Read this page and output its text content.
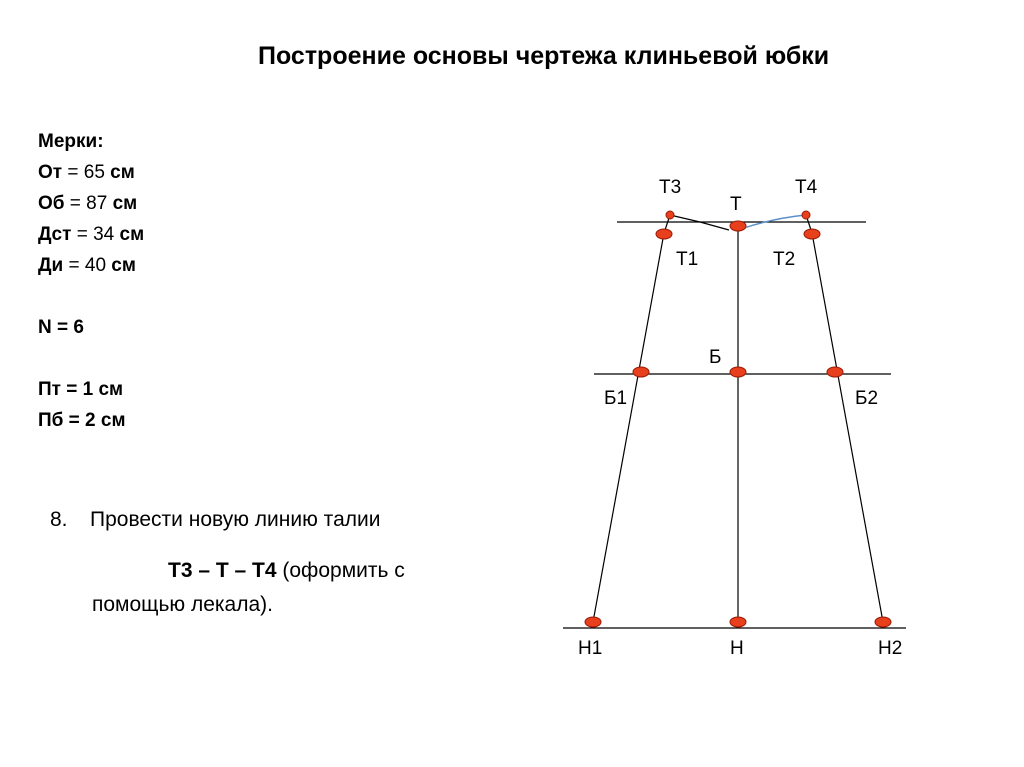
Построение основы чертежа клиньевой юбки
Мерки:
От = 65 см
Об = 87 см
Дст = 34 см
Ди = 40 см
N = 6
Пт = 1 см
Пб = 2 см
8. Провести новую линию талии
Т3 – Т – Т4 (оформить с
помощью лекала).
Т3	Т4
Т
Т1	Т2
Б
Б1	Б2
Н1	Н	Н2
